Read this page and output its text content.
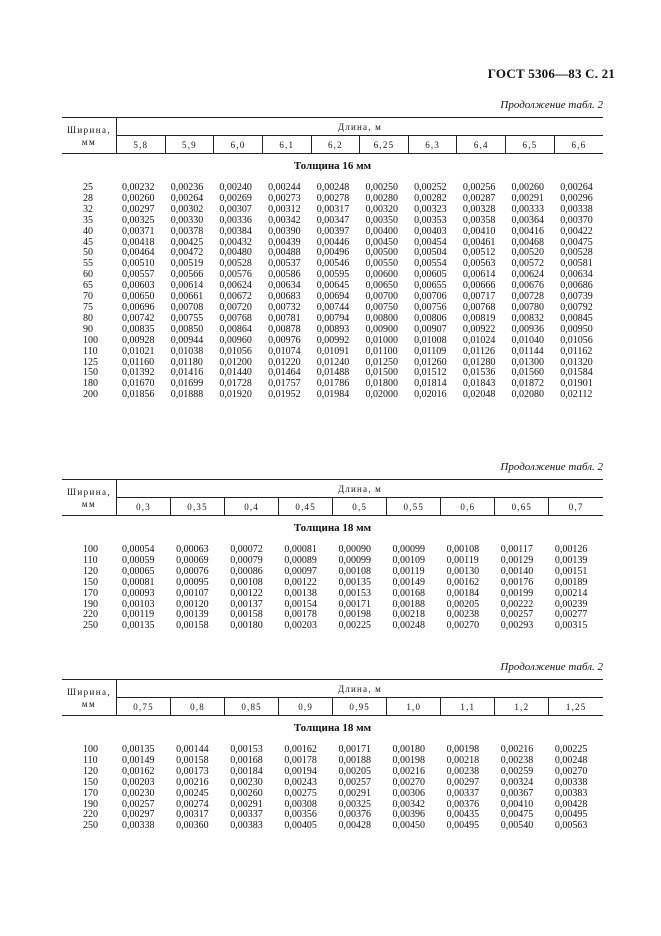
ГОСТ 5306—83 С. 21
Продолжение табл. 2
Ширина,
мм	Длина, м									
	5,8	5,9	6,0	6,1	6,2	6,25	6,3	6,4	6,5	6,6
Толщина 16 мм
25	0,00232	0,00236	0,00240	0,00244	0,00248	0,00250	0,00252	0,00256	0,00260	0,00264
28	0,00260	0,00264	0,00269	0,00273	0,00278	0,00280	0,00282	0,00287	0,00291	0,00296
32	0,00297	0,00302	0,00307	0,00312	0,00317	0,00320	0,00323	0,00328	0,00333	0,00338
35	0,00325	0,00330	0,00336	0,00342	0,00347	0,00350	0,00353	0,00358	0,00364	0,00370
40	0,00371	0,00378	0,00384	0,00390	0,00397	0,00400	0,00403	0,00410	0,00416	0,00422
45	0,00418	0,00425	0,00432	0,00439	0,00446	0,00450	0,00454	0,00461	0,00468	0,00475
50	0,00464	0,00472	0,00480	0,00488	0,00496	0,00500	0,00504	0,00512	0,00520	0,00528
55	0,00510	0,00519	0,00528	0,00537	0,00546	0,00550	0,00554	0,00563	0,00572	0,00581
60	0,00557	0,00566	0,00576	0,00586	0,00595	0,00600	0,00605	0,00614	0,00624	0,00634
65	0,00603	0,00614	0,00624	0,00634	0,00645	0,00650	0,00655	0,00666	0,00676	0,00686
70	0,00650	0,00661	0,00672	0,00683	0,00694	0,00700	0,00706	0,00717	0,00728	0,00739
75	0,00696	0,00708	0,00720	0,00732	0,00744	0,00750	0,00756	0,00768	0,00780	0,00792
80	0,00742	0,00755	0,00768	0,00781	0,00794	0,00800	0,00806	0,00819	0,00832	0,00845
90	0,00835	0,00850	0,00864	0,00878	0,00893	0,00900	0,00907	0,00922	0,00936	0,00950
100	0,00928	0,00944	0,00960	0,00976	0,00992	0,01000	0,01008	0,01024	0,01040	0,01056
110	0,01021	0,01038	0,01056	0,01074	0,01091	0,01100	0,01109	0,01126	0,01144	0,01162
125	0,01160	0,01180	0,01200	0,01220	0,01240	0,01250	0,01260	0,01280	0,01300	0,01320
150	0,01392	0,01416	0,01440	0,01464	0,01488	0,01500	0,01512	0,01536	0,01560	0,01584
180	0,01670	0,01699	0,01728	0,01757	0,01786	0,01800	0,01814	0,01843	0,01872	0,01901
200	0,01856	0,01888	0,01920	0,01952	0,01984	0,02000	0,02016	0,02048	0,02080	0,02112
Продолжение табл. 2
Ширина,
мм	Длина, м								
	0,3	0,35	0,4	0,45	0,5	0,55	0,6	0,65	0,7
Толщина 18 мм
100	0,00054	0,00063	0,00072	0,00081	0,00090	0,00099	0,00108	0,00117	0,00126
110	0,00059	0,00069	0,00079	0,00089	0,00099	0,00109	0,00119	0,00129	0,00139
120	0,00065	0,00076	0,00086	0,00097	0,00108	0,00119	0,00130	0,00140	0,00151
150	0,00081	0,00095	0,00108	0,00122	0,00135	0,00149	0,00162	0,00176	0,00189
170	0,00093	0,00107	0,00122	0,00138	0,00153	0,00168	0,00184	0,00199	0,00214
190	0,00103	0,00120	0,00137	0,00154	0,00171	0,00188	0,00205	0,00222	0,00239
220	0,00119	0,00139	0,00158	0,00178	0,00198	0,00218	0,00238	0,00257	0,00277
250	0,00135	0,00158	0,00180	0,00203	0,00225	0,00248	0,00270	0,00293	0,00315
Продолжение табл. 2
Ширина,
мм	Длина, м								
	0,75	0,8	0,85	0,9	0,95	1,0	1,1	1,2	1,25
Толщина 18 мм
100	0,00135	0,00144	0,00153	0,00162	0,00171	0,00180	0,00198	0,00216	0,00225
110	0,00149	0,00158	0,00168	0,00178	0,00188	0,00198	0,00218	0,00238	0,00248
120	0,00162	0,00173	0,00184	0,00194	0,00205	0,00216	0,00238	0,00259	0,00270
150	0,00203	0,00216	0,00230	0,00243	0,00257	0,00270	0,00297	0,00324	0,00338
170	0,00230	0,00245	0,00260	0,00275	0,00291	0,00306	0,00337	0,00367	0,00383
190	0,00257	0,00274	0,00291	0,00308	0,00325	0,00342	0,00376	0,00410	0,00428
220	0,00297	0,00317	0,00337	0,00356	0,00376	0,00396	0,00435	0,00475	0,00495
250	0,00338	0,00360	0,00383	0,00405	0,00428	0,00450	0,00495	0,00540	0,00563
